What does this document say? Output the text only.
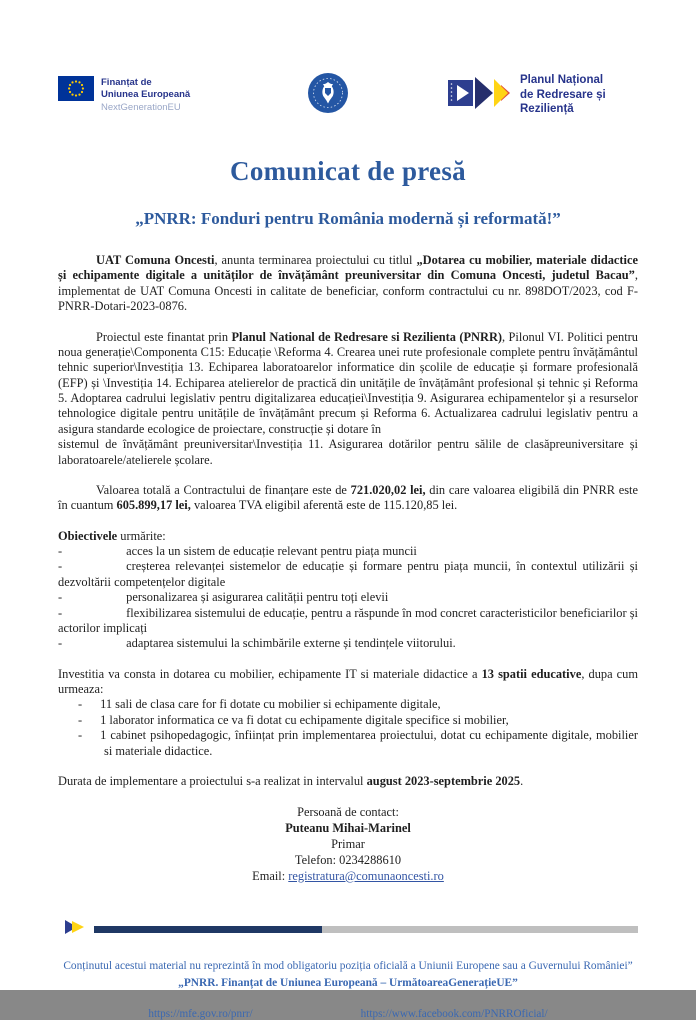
Finanțat de
Uniunea Europeană
NextGenerationEU
Planul Național
de Redresare și Reziliență
Comunicat de presă
„PNRR: Fonduri pentru România modernă și reformată!”

UAT Comuna Oncesti, anunta terminarea proiectului cu titlul „Dotarea cu mobilier, materiale didactice și echipamente digitale a unităților de învățământ preuniversitar din Comuna Oncesti, judetul Bacau”, implementat de UAT Comuna Oncesti in calitate de beneficiar, conform contractului cu nr. 898DOT/2023, cod F-PNRR-Dotari-2023-0876.

Proiectul este finantat prin Planul National de Redresare si Rezilienta (PNRR), Pilonul VI. Politici pentru noua generație\Componenta C15: Educație \Reforma 4. Crearea unei rute profesionale complete pentru învățământul tehnic superior\Investiția 13. Echiparea laboratoarelor informatice din școlile de educație și formare profesională (EFP) și \Investiția 14. Echiparea atelierelor de practică din unitățile de învățământ profesional și tehnic și Reforma 5. Adoptarea cadrului legislativ pentru digitalizarea educației\Investiția 9. Asigurarea echipamentelor și a resurselor tehnologice digitale pentru unitățile de învățământ precum și Reforma 6. Actualizarea cadrului legislativ pentru a asigura standarde ecologice de proiectare, construcție și dotare în
sistemul de învățământ preuniversitar\Investiția 11. Asigurarea dotărilor pentru sălile de clasăpreuniversitare și laboratoarele/atelierele școlare.

Valoarea totală a Contractului de finanțare este de 721.020,02 lei, din care valoarea eligibilă din PNRR este în cuantum 605.899,17 lei, valoarea TVA eligibil aferentă este de 115.120,85 lei.

Obiectivele urmărite:

-	acces la un sistem de educație relevant pentru piața muncii

-	creșterea relevanței sistemelor de educație și formare pentru piața muncii, în contextul utilizării și dezvoltării competențelor digitale

-	personalizarea și asigurarea calității pentru toți elevii

-	flexibilizarea sistemului de educație, pentru a răspunde în mod concret caracteristicilor beneficiarilor și actorilor implicați

-	adaptarea sistemului la schimbările externe și tendințele viitorului.

Investitia va consta in dotarea cu mobilier, echipamente IT si materiale didactice a 13 spatii educative, dupa cum urmeaza:

- 11 sali de clasa care for fi dotate cu mobilier si echipamente digitale,

- 1 laborator informatica ce va fi dotat cu echipamente digitale specifice si mobilier,

- 1 cabinet psihopedagogic, înființat prin implementarea proiectului, dotat cu echipamente digitale, mobilier si materiale didactice.

Durata de implementare a proiectului s-a realizat in intervalul august 2023-septembrie 2025.

Persoană de contact:
Puteanu Mihai-Marinel
Primar
Telefon: 0234288610
Email: registratura@comunaoncesti.ro
Conținutul acestui material nu reprezintă în mod obligatoriu poziția oficială a Uniunii Europene sau a Guvernului României”
„PNRR. Finanțat de Uniunea Europeană – UrmătoareaGenerațieUE”
https://mfe.gov.ro/pnrr/	https://www.facebook.com/PNRROficial/
